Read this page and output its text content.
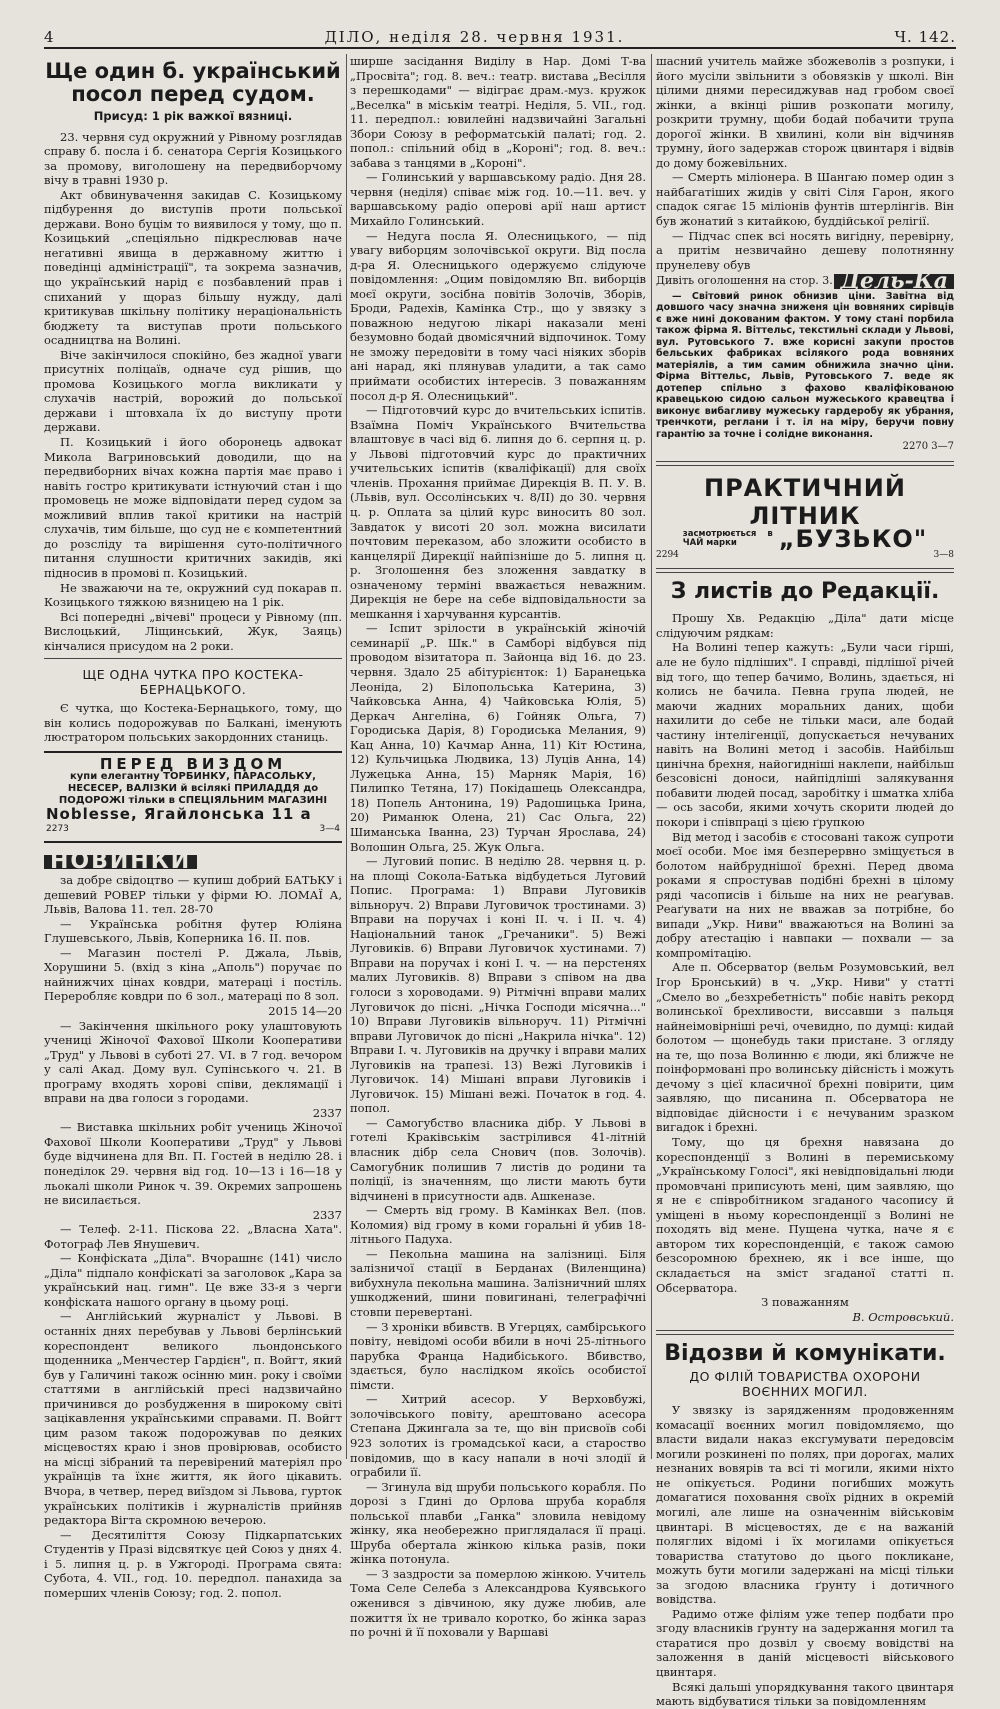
4	ДІЛО, неділя 28. червня 1931.	Ч. 142.
Ще один б. український посол перед судом.
Присуд: 1 рік важкої вязниці.

23. червня суд окружний у Рівному розглядав справу б. посла і б. сенатора Сергія Козицького за промову, виголошену на передвиборчому вічу в травні 1930 р.

Акт обвинувачення закидав С. Козицькому підбурення до виступів проти польської держави. Воно буцім то виявилося у тому, що п. Козицький „спеціяльно підкреслював наче негативні явища в державному життю і поведінці адміністрації", та зокрема зазначив, що український нарід є позбавлений прав і спиханий у щораз більшу нужду, далі критикував шкільну політику нераціональність бюджету та виступав проти польського осадництва на Волині.

Віче закінчилося спокійно, без жадної уваги присутніх поліцаїв, одначе суд рішив, що промова Козицького могла викликати у слухачів настрій, ворожий до польської держави і штовхала їх до виступу проти держави.

П. Козицький і його оборонець адвокат Микола Вагриновський доводили, що на передвиборних вічах кожна партія має право і навіть гостро критикувати істнуючий стан і що промовець не може відповідати перед судом за можливий вплив такої критики на настрій слухачів, тим більше, що суд не є компетентний до розсліду та вирішення суто-політичного питання слушности критичних закидів, які підносив в промові п. Козицький.

Не зважаючи на те, окружний суд покарав п. Козицького тяжкою вязницею на 1 рік.

Всі попередні „вічеві" процеси у Рівному (пп. Вислоцький, Ліщинський, Жук, Заяць) кінчалися присудом на 2 роки.

ЩЕ ОДНА ЧУТКА ПРО КОСТЕКА-БЕРНАЦЬКОГО.

Є чутка, що Костека-Бернацького, тому, що він колись подорожував по Балкані, іменують люстратором польських закордонних станиць.

ПЕРЕД ВИЗДОМ
купи елегантну ТОРБИНКУ, ПАРАСОЛЬКУ, НЕСЕСЕР, ВАЛІЗКИ й всілякі ПРИЛАДДЯ до ПОДОРОЖІ тільки в СПЕЦІЯЛЬНИМ МАГАЗИНІ
Noblesse, Ягайлонська 11 а
2273	3—4
НОВИНКИ

за добре свідоцтво — купиш добрий БАТЬКУ і дешевий РОВЕР тільки у фірми Ю. ЛОМАЇ А, Львів, Валова 11. тел. 28-70

— Українська робітня футер Юліяна Глушевського, Львів, Коперника 16. II. пов.

— Магазин постелі Р. Джала, Львів, Хорушини 5. (вхід з кіна „Аполь") поручає по найнижчих цінах ковдри, матераці і постіль. Переробляє ковдри по 6 зол., матераці по 8 зол.

2015 14—20

— Закінчення шкільного року улаштовують учениці Жіночої Фахової Школи Кооперативи „Труд" у Львові в суботі 27. VI. в 7 год. вечором у салі Акад. Дому вул. Супінського ч. 21. В програму входять хорові співи, деклямації і вправи на два голоси з городами.

2337

— Виставка шкільних робіт учениць Жіночої Фахової Школи Кооперативи „Труд" у Львові буде відчинена для Вп. П. Гостей в неділю 28. і понеділок 29. червня від год. 10—13 і 16—18 у льокалі школи Ринок ч. 39. Окремих запрошень не висилається.

2337

— Телеф. 2-11. Піскова 22. „Власна Хата". Фотограф Лев Янушевич.

— Конфіската „Діла". Вчорашнє (141) число „Діла" підпало конфіскаті за заголовок „Кара за український нац. гимн". Це вже 33-я з черги конфіската нашого органу в цьому році.

— Англійський журналіст у Львові. В останніх днях перебував у Львові берлінський кореспондент великого льондонського щоденника „Менчестер Гардієн", п. Войгт, який був у Галичині також осінню мин. року і своїми статтями в англійській пресі надзвичайно причинився до розбудження в широкому світі зацікавлення українськими справами. П. Войгт цим разом також подорожував по деяких місцевостях краю і знов провірював, особисто на місці зібраний та перевірений матеріял про українців та їхнє життя, як його цікавить. Вчора, в четвер, перед виїздом зі Львова, гурток українських політиків і журналістів прийняв редактора Вігта скромною вечерою.

— Десятиліття Союзу Підкарпатських Студентів у Празі відсвяткує цей Союз у днях 4. і 5. липня ц. р. в Ужгороді. Програма свята: Субота, 4. VII., год. 10. передпол. панахида за померших членів Союзу; год. 2. попол.

ширше засідання Виділу в Нар. Домі Т-ва „Просвіта"; год. 8. веч.: театр. вистава „Весілля з перешкодами" — відіграє драм.-муз. кружок „Веселка" в міськім театрі. Неділя, 5. VII., год. 11. передпол.: ювилейні надзвичайні Загальні Збори Союзу в реформатській палаті; год. 2. попол.: спільний обід в „Короні"; год. 8. веч.: забава з танцями в „Короні".

— Голинський у варшавському радіо. Дня 28. червня (неділя) співає між год. 10.—11. веч. у варшавському радіо оперові арії наш артист Михайло Голинський.

— Недуга посла Я. Олесницького, — під увагу виборцям золочівської округи. Від посла д-ра Я. Олесницького одержуємо слідуюче повідомлення: „Оцим повідомляю Вп. виборців моєї округи, зосібна повітів Золочів, Зборів, Броди, Радехів, Камінка Стр., що у звязку з поважною недугою лікарі наказали мені безумовно бодай двомісячний відпочинок. Тому не зможу передовіти в тому часі ніяких зборів ані нарад, які плянував уладити, а так само приймати особистих інтересів. З поважанням посол д-р Я. Олесницький".

— Підготовчий курс до вчительських іспитів. Взаїмна Поміч Українського Вчительства влаштовує в часі від 6. липня до 6. серпня ц. р. у Львові підготовчий курс до практичних учительських іспитів (кваліфікації) для своїх членів. Прохання приймає Дирекція В. П. У. В. (Львів, вул. Оссолінських ч. 8/II) до 30. червня ц. р. Оплата за цілий курс виносить 80 зол. Завдаток у висоті 20 зол. можна висилати почтовим переказом, або зложити особисто в канцелярії Дирекції найпізніше до 5. липня ц. р. Зголошення без зложення завдатку в означеному терміні вважається неважним. Дирекція не бере на себе відповідальности за мешкання і харчування курсантів.

— Іспит зрілости в українській жіночій семинарії „Р. Шк." в Самборі відбувся під проводом візитатора п. Зайонца від 16. до 23. червня. Здало 25 абітурієнток: 1) Баранецька Леоніда, 2) Білопольська Катерина, 3) Чайковська Анна, 4) Чайковська Юлія, 5) Деркач Ангеліна, 6) Гойняк Ольга, 7) Городиська Дарія, 8) Городиська Мелания, 9) Кац Анна, 10) Качмар Анна, 11) Кіт Юстина, 12) Кульчицька Людвика, 13) Луців Анна, 14) Лужецька Анна, 15) Марняк Марія, 16) Пилипко Тетяна, 17) Покідашець Олександра, 18) Попель Антонина, 19) Радошицька Ірина, 20) Риманюк Олена, 21) Сас Ольга, 22) Шиманська Іванна, 23) Турчан Ярослава, 24) Волошин Ольга, 25. Жук Ольга.

— Луговий попис. В неділю 28. червня ц. р. на площі Сокола-Батька відбудеться Луговий Попис. Програма: 1) Вправи Луговиків вільноруч. 2) Вправи Луговичок тростинами. 3) Вправи на поручах і коні II. ч. і II. ч. 4) Національний танок „Гречаники". 5) Вежі Луговиків. 6) Вправи Луговичок хустинами. 7) Вправи на поручах і коні I. ч. — на перстенях малих Луговиків. 8) Вправи з співом на два голоси з хороводами. 9) Рітмічні вправи малих Луговичок до пісні. „Нічка Господи місячна..." 10) Вправи Луговиків вільноруч. 11) Рітмічні вправи Луговичок до пісні „Накрила нічка". 12) Вправи І. ч. Луговиків на дручку і вправи малих Луговиків на трапезі. 13) Вежі Луговиків і Луговичок. 14) Мішані вправи Луговиків і Луговичок. 15) Мішані вежі. Початок в год. 4. попол.

— Самогубство власника дібр. У Львові в готелі Краківськім застрілився 41-літній власник дібр села Снович (пов. Золочів). Самогубник полишив 7 листів до родини та поліції, із значенням, що листи мають бути відчинені в присутности адв. Ашкеназе.

— Смерть від грому. В Камінках Вел. (пов. Коломия) від грому в коми горальні й убив 18-літнього Падуха.

— Пекольна машина на залізниці. Біля залізничої стації в Берданах (Виленщина) вибухнула пекольна машина. Залізничний шлях ушкоджений, шини повигинані, телеграфічні стовпи перевертані.

— З хроніки вбивств. В Угерцях, самбірського повіту, невідомі особи вбили в ночі 25-літнього парубка Франца Надибіського. Вбивство, здається, було наслідком якоїсь особистої пімсти.

— Хитрий асесор. У Верховбужі, золочівського повіту, арештовано асесора Степана Джингала за те, що він присвоїв собі 923 золотих із громадської каси, а староство повідомив, що в касу напали в ночі злодії й ограбили її.

— Згинула від шруби польського корабля. По дорозі з Гдині до Орлова шруба корабля польської плавби „Ганка" зловила невідому жінку, яка необережно приглядалася її праці. Шруба обертала жінкою кілька разів, поки жінка потонула.

— З заздрости за померлою жінкою. Учитель Тома Селе Селеба з Александрова Куявського оженився з дівчиною, яку дуже любив, але пожиття їх не тривало коротко, бо жінка зараз по рочні й її поховали у Варшаві

шасний учитель майже збожеволів з розпуки, і його мусіли звільнити з обовязків у школі. Він цілими днями пересиджував над гробом своєї жінки, а вкінці рішив розкопати могилу, розкрити трумну, щоби бодай побачити трупа дорогої жінки. В хвилині, коли він відчиняв трумну, його задержав сторож цвинтаря і відвів до дому божевільних.

— Смерть міліонера. В Шангаю помер один з найбагатіших жидів у світі Сіля Гарон, якого спадок сягає 15 міліонів фунтів штерлінгів. Він був жонатий з китайкою, буддійської релігії.

— Підчас спек всі носять вигідну, перевірну, а притім незвичайно дешеву полотнянну прунелеву обув

Дивіть оголошення на стор. 3. Дель-Ка

— Світовий ринок обнизив ціни. Завітна від довшого часу значна зниженя цін вовняних сирівців є вже нині докованим фактом. У тому стані порбила також фірма Я. Віттельс, текстильні склади у Львові, вул. Рутовського 7. вже корисні закупи простов бельських фабриках всілякого рода вовняних матеріялів, а тим самим обнижила значно ціни. Фірма Віттельс, Львів, Рутовського 7. веде як дотепер спільно з фахово кваліфікованою кравецькою сидою сальон мужеського кравецтва і виконує вибагливу мужеську гардеробу як убрання, тренчкоти, реглани і т. іл на міру, беручи повну гарантію за точне і солідне виконання.

2270 3—7

ПРАКТИЧНИЙ ЛІТНИК
засмотрюється в ЧАЙ марки	„БУЗЬКО"
2294	3—8
З листів до Редакції.

Прошу Хв. Редакцію „Діла" дати місце слідуючим рядкам:

На Волині тепер кажуть: „Були часи гірші, але не було підліших". І справді, підлішої річей від того, що тепер бачимо, Волинь, здається, ні колись не бачила. Певна група людей, не маючи жадних моральних даних, щоби нахилити до себе не тільки маси, але бодай частину інтелігенції, допускається нечуваних навіть на Волині метод і засобів. Найбільш цинічна брехня, найогидніші наклепи, найбільш безсовісні доноси, найпідліші залякування побавити людей посад, заробітку і шматка хліба — ось засоби, якими хочуть скорити людей до покори і співпраці з цією ґрупкою

Від метод і засобів є стосовані також супроти моєї особи. Моє імя безперервно зміщується в болотом найбруднішої брехні. Перед двома роками я спростував подібні брехні в цілому ряді часописів і більше на них не реаґував. Реаґувати на них не вважав за потрібне, бо випади „Укр. Ниви" вважаються на Волині за добру атестацію і навпаки — похвали — за компромітацію.

Але п. Обсерватор (вельм Розумовський, вел Ігор Бронський) в ч. „Укр. Ниви" у статті „Смело во „безхребетність" побіє навіть рекорд волинської брехливости, виссавши з пальця найнеімовірніші речі, очевидно, по думці: кидай болотом — щонебудь таки пристане. З огляду на те, що поза Волинню є люди, які ближче не поінформовані про волинську дійсність і можуть дечому з цієї класичної брехні повірити, цим заявляю, що писанина п. Обсерватора не відповідає дійсности і є нечуваним зразком вигадок і брехні.

Тому, що ця брехня навязана до кореспонденції з Волині в перемиському „Українському Голосі", які невідповідальні люди промовчані приписують мені, цим заявляю, що я не є співробітником згаданого часопису й уміщені в ньому кореспонденції з Волині не походять від мене. Пущена чутка, наче я є автором тих кореспонденцій, є також самою безсоромною брехнею, як і все інше, що складається на зміст згаданої статті п. Обсерватора.

З поважанням

В. Островський.

Відозви й комунікати.
ДО ФІЛІЙ ТОВАРИСТВА ОХОРОНИ ВОЄННИХ МОГИЛ.

У звязку із зарядженням продовженням комасації воєнних могил повідомляємо, що власти видали наказ ексгумувати передовсім могили розкинені по полях, при дорогах, малих незнаних вовярів та всі ті могили, якими ніхто не опікується. Родини погибших можуть домагатися поховання своїх рідних в окремій могилі, але лише на означеннім військовім цвинтарі. В місцевостях, де є на важаній поляглих відомі і їх могилами опікується товариства статутово до цього покликане, можуть бути могили задержані на місці тільки за згодою власника ґрунту і дотичного вовідства.

Радимо отже філіям уже тепер подбати про згоду власників ґрунту на задержання могил та старатися про дозвіл у своєму вовідстві на заложення в даній місцевості військового цвинтаря.

Всякі дальші упорядкування такого цвинтаря мають відбуватися тільки за повідомленням
